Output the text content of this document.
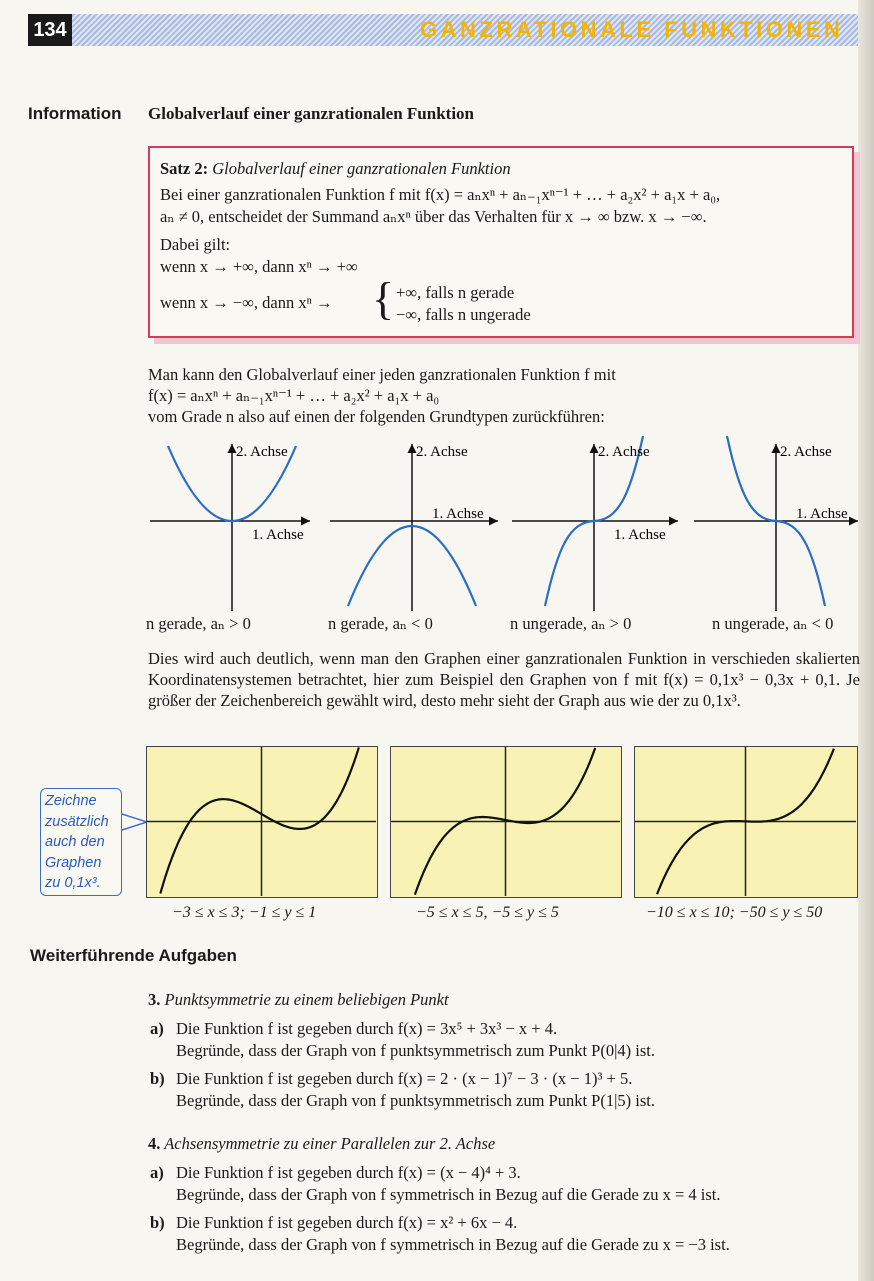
134	GANZRATIONALE FUNKTIONEN
Information Globalverlauf einer ganzrationalen Funktion
Satz 2: Globalverlauf einer ganzrationalen Funktion
Bei einer ganzrationalen Funktion f mit f(x) = aₙxⁿ + aₙ₋₁xⁿ⁻¹ + … + a₂x² + a₁x + a₀,
aₙ ≠ 0, entscheidet der Summand aₙxⁿ über das Verhalten für x → ∞ bzw. x → −∞.
Dabei gilt:
wenn x → +∞, dann xⁿ → +∞
wenn x → −∞, dann xⁿ → { +∞, falls n gerade
−∞, falls n ungerade
Man kann den Globalverlauf einer jeden ganzrationalen Funktion f mit
f(x) = aₙxⁿ + aₙ₋₁xⁿ⁻¹ + … + a₂x² + a₁x + a₀
vom Grade n also auf einen der folgenden Grundtypen zurückführen:
2. Achse
1. Achse
2. Achse
1. Achse
2. Achse
1. Achse
2. Achse
1. Achse
n gerade, aₙ > 0	n gerade, aₙ < 0	n ungerade, aₙ > 0	n ungerade, aₙ < 0
Dies wird auch deutlich, wenn man den Graphen einer ganzrationalen Funktion in verschieden skalierten Koordinatensystemen betrachtet, hier zum Beispiel den Graphen von f mit f(x) = 0,1x³ − 0,3x + 0,1. Je größer der Zeichenbereich gewählt wird, desto mehr sieht der Graph aus wie der zu 0,1x³.
Zeichne zusätzlich auch den Graphen zu 0,1x³.
−3 ≤ x ≤ 3; −1 ≤ y ≤ 1	−5 ≤ x ≤ 5, −5 ≤ y ≤ 5	−10 ≤ x ≤ 10; −50 ≤ y ≤ 50
Weiterführende Aufgaben
3. Punktsymmetrie zu einem beliebigen Punkt
a) Die Funktion f ist gegeben durch f(x) = 3x⁵ + 3x³ − x + 4.
Begründe, dass der Graph von f punktsymmetrisch zum Punkt P(0|4) ist.
b) Die Funktion f ist gegeben durch f(x) = 2 · (x − 1)⁷ − 3 · (x − 1)³ + 5.
Begründe, dass der Graph von f punktsymmetrisch zum Punkt P(1|5) ist.
4. Achsensymmetrie zu einer Parallelen zur 2. Achse
a) Die Funktion f ist gegeben durch f(x) = (x − 4)⁴ + 3.
Begründe, dass der Graph von f symmetrisch in Bezug auf die Gerade zu x = 4 ist.
b) Die Funktion f ist gegeben durch f(x) = x² + 6x − 4.
Begründe, dass der Graph von f symmetrisch in Bezug auf die Gerade zu x = −3 ist.
